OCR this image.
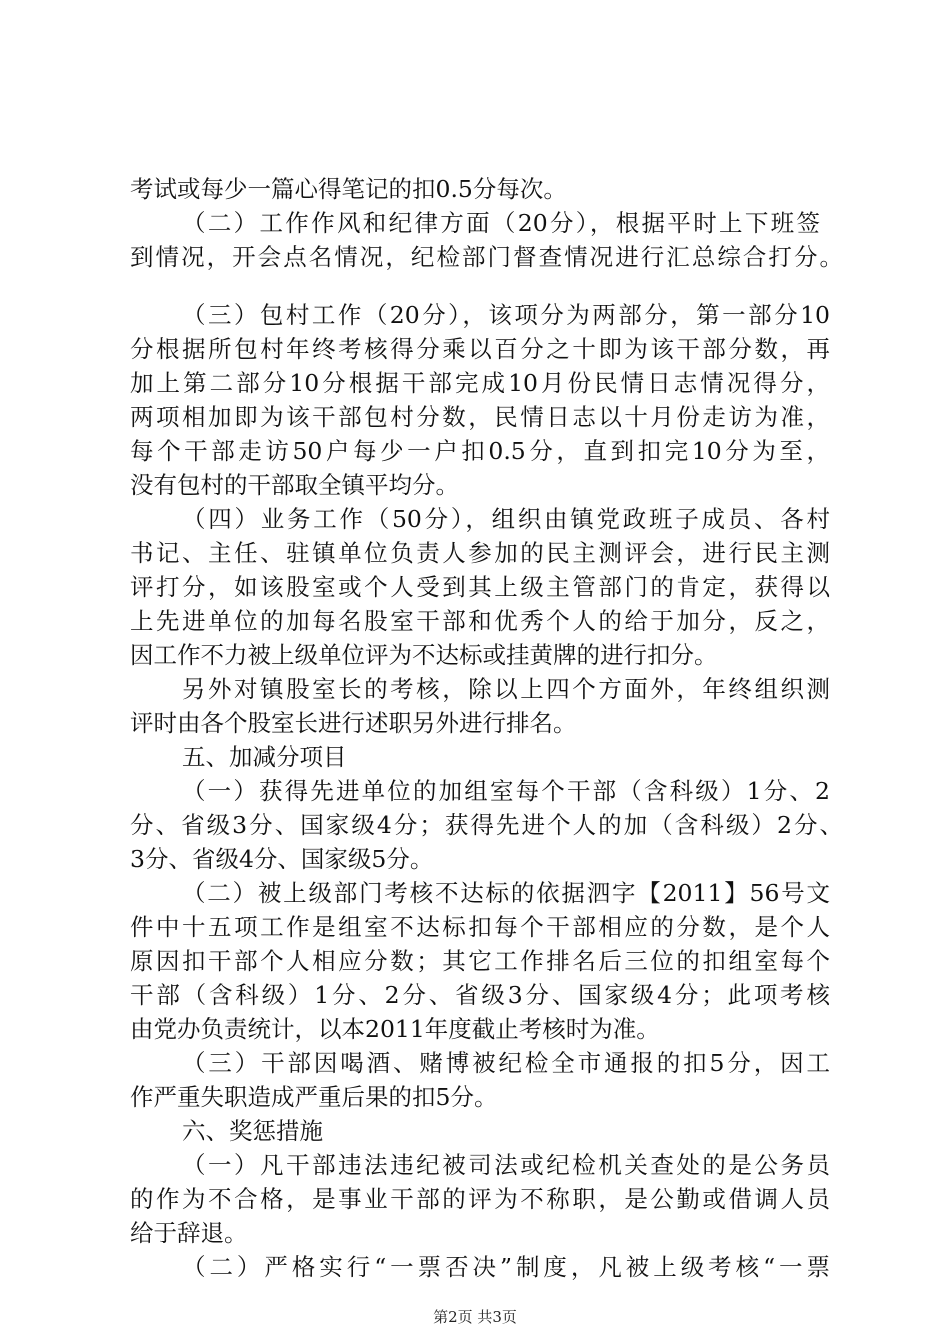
考试或每少一篇心得笔记的扣0.5分每次。
（二）工作作风和纪律方面（20分），根据平时上下班签
到情况，开会点名情况，纪检部门督查情况进行汇总综合打分。
（三）包村工作（20分），该项分为两部分，第一部分10
分根据所包村年终考核得分乘以百分之十即为该干部分数，再
加上第二部分10分根据干部完成10月份民情日志情况得分，
两项相加即为该干部包村分数，民情日志以十月份走访为准，
每个干部走访50户每少一户扣0.5分，直到扣完10分为至，
没有包村的干部取全镇平均分。
（四）业务工作（50分），组织由镇党政班子成员、各村
书记、主任、驻镇单位负责人参加的民主测评会，进行民主测
评打分，如该股室或个人受到其上级主管部门的肯定，获得以
上先进单位的加每名股室干部和优秀个人的给于加分，反之，
因工作不力被上级单位评为不达标或挂黄牌的进行扣分。
另外对镇股室长的考核，除以上四个方面外，年终组织测
评时由各个股室长进行述职另外进行排名。
五、加减分项目
（一）获得先进单位的加组室每个干部（含科级）1分、2
分、省级3分、国家级4分；获得先进个人的加（含科级）2分、
3分、省级4分、国家级5分。
（二）被上级部门考核不达标的依据泗字【2011】56号文
件中十五项工作是组室不达标扣每个干部相应的分数，是个人
原因扣干部个人相应分数；其它工作排名后三位的扣组室每个
干部（含科级）1分、2分、省级3分、国家级4分；此项考核
由党办负责统计，以本2011年度截止考核时为准。
（三）干部因喝酒、赌博被纪检全市通报的扣5分，因工
作严重失职造成严重后果的扣5分。
六、奖惩措施
（一）凡干部违法违纪被司法或纪检机关查处的是公务员
的作为不合格，是事业干部的评为不称职，是公勤或借调人员
给于辞退。
（二）严格实行“一票否决”制度，凡被上级考核“一票
第2页 共3页
